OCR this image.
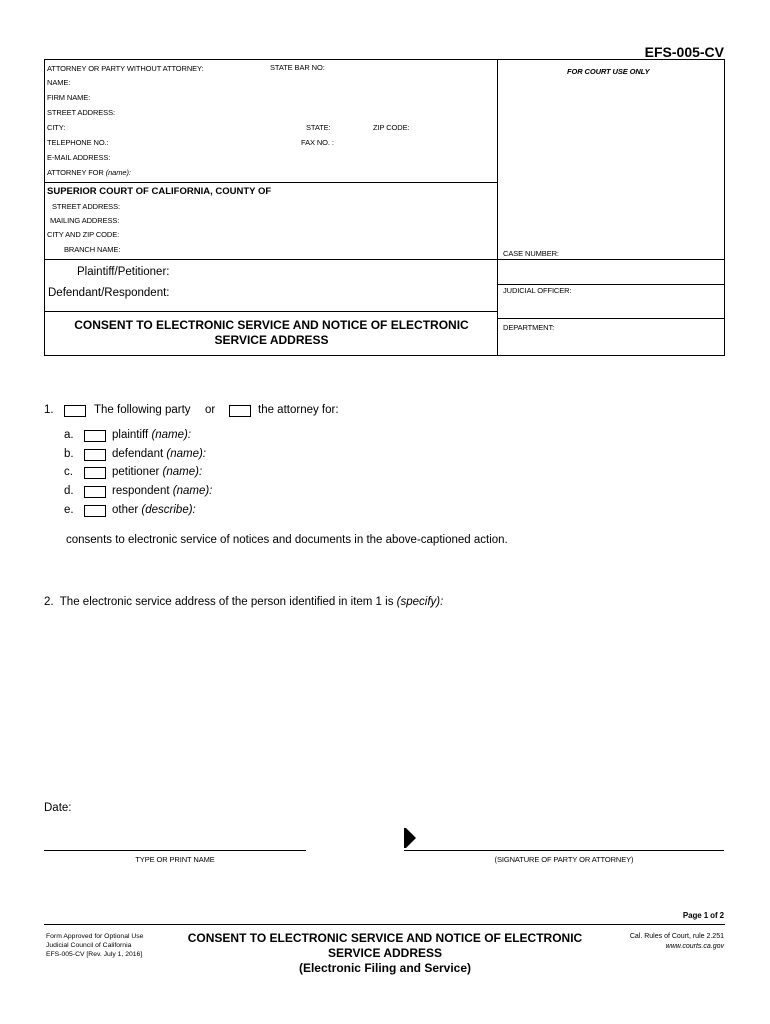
EFS-005-CV
ATTORNEY OR PARTY WITHOUT ATTORNEY:	STATE BAR NO:
NAME:
FIRM NAME:
STREET ADDRESS:
CITY:	STATE:	ZIP CODE:
TELEPHONE NO.:	FAX NO. :
E-MAIL ADDRESS:
ATTORNEY FOR (name):
FOR COURT USE ONLY
SUPERIOR COURT OF CALIFORNIA, COUNTY OF
STREET ADDRESS:
MAILING ADDRESS:
CITY AND ZIP CODE:
BRANCH NAME:	CASE NUMBER:
JUDICIAL OFFICER:
DEPARTMENT:
Plaintiff/Petitioner:
Defendant/Respondent:
CONSENT TO ELECTRONIC SERVICE AND NOTICE OF ELECTRONIC
SERVICE ADDRESS
1.	The following party or	the attorney for:
a.	plaintiff (name):
b.	defendant (name):
c.	petitioner (name):
d.	respondent (name):
e.	other (describe):
consents to electronic service of notices and documents in the above-captioned action.
2. The electronic service address of the person identified in item 1 is (specify):
Date:
TYPE OR PRINT NAME	(SIGNATURE OF PARTY OR ATTORNEY)
Page 1 of 2
Form Approved for Optional Use
Judicial Council of California
EFS-005-CV [Rev. July 1, 2016]
CONSENT TO ELECTRONIC SERVICE AND NOTICE OF ELECTRONIC
SERVICE ADDRESS
(Electronic Filing and Service)
Cal. Rules of Court, rule 2.251
www.courts.ca.gov
